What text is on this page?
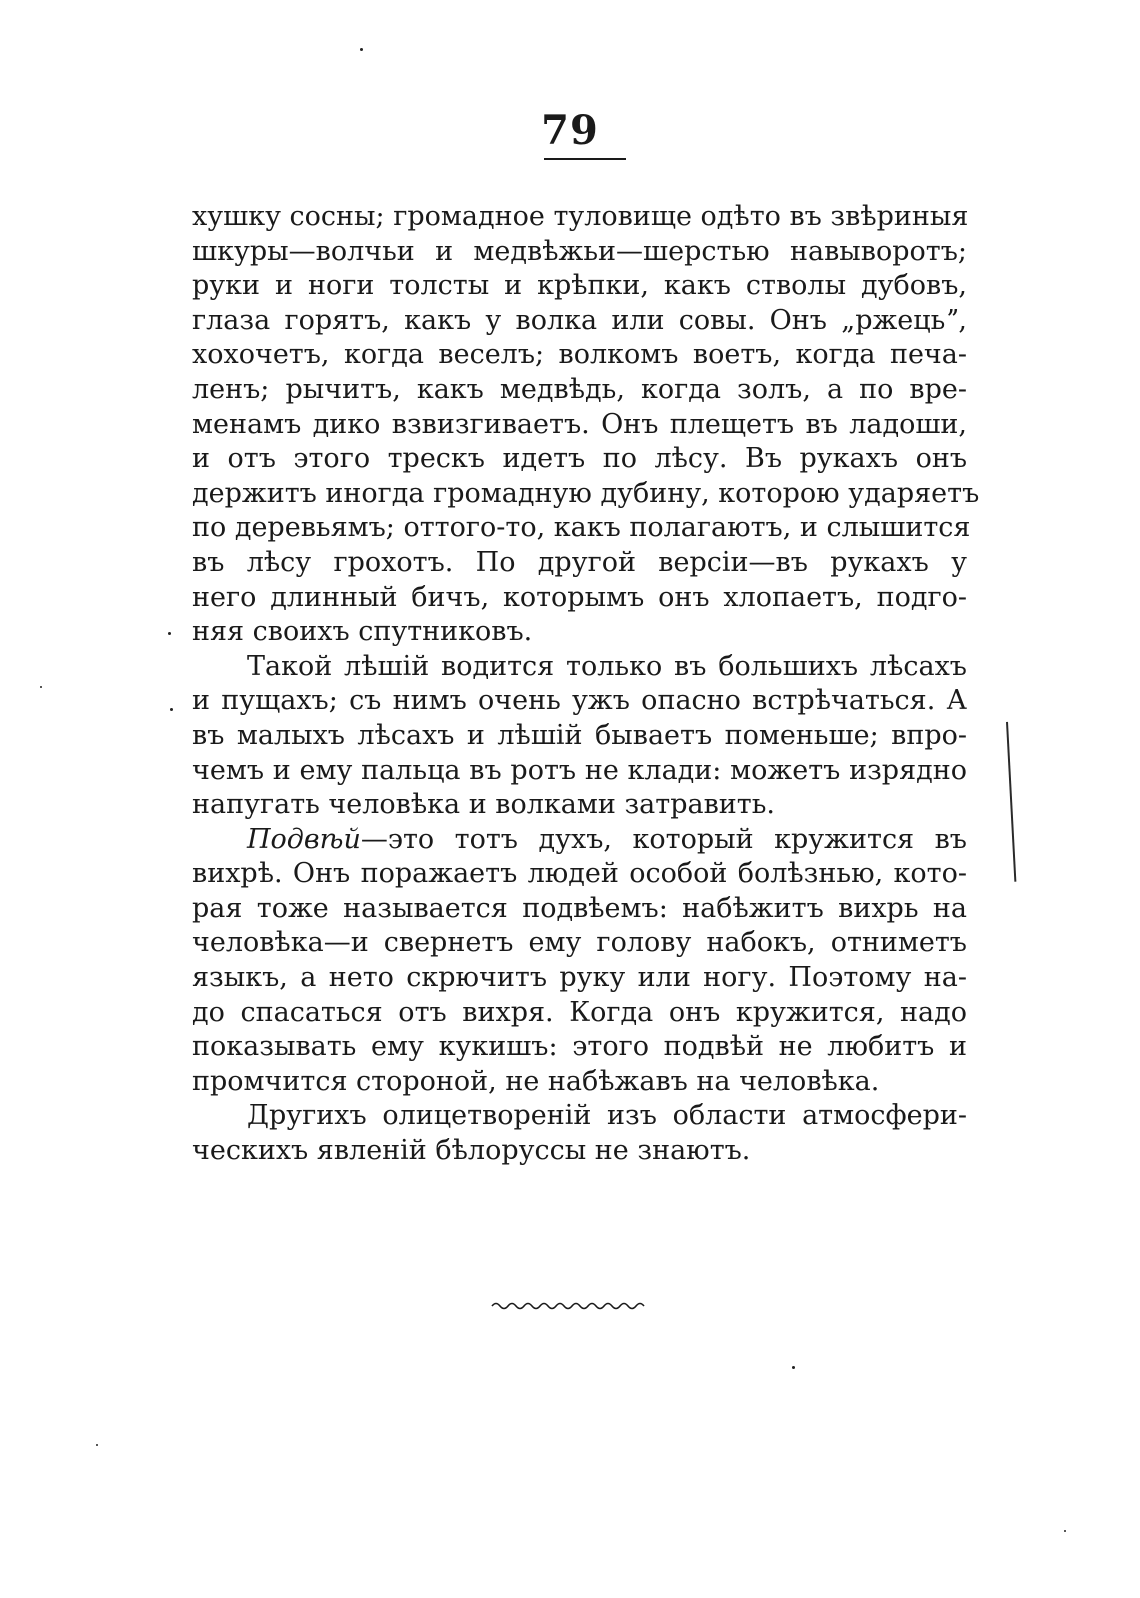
79
хушку сосны; громадное туловище одѣто въ звѣриныя
шкуры—волчьи и медвѣжьи—шерстью навыворотъ;
руки и ноги толсты и крѣпки, какъ стволы дубовъ,
глаза горятъ, какъ у волка или совы. Онъ „ржецьˮ,
хохочетъ, когда веселъ; волкомъ воетъ, когда печа-
ленъ; рычитъ, какъ медвѣдь, когда золъ, а по вре-
менамъ дико взвизгиваетъ. Онъ плещетъ въ ладоши,
и отъ этого трескъ идетъ по лѣсу. Въ рукахъ онъ
держитъ иногда громадную дубину, которою ударяетъ
по деревьямъ; оттого-то, какъ полагаютъ, и слышится
въ лѣсу грохотъ. По другой версіи—въ рукахъ у
него длинный бичъ, которымъ онъ хлопаетъ, подго-
няя своихъ спутниковъ.
Такой лѣшій водится только въ большихъ лѣсахъ
и пущахъ; съ нимъ очень ужъ опасно встрѣчаться. А
въ малыхъ лѣсахъ и лѣшій бываетъ поменьше; впро-
чемъ и ему пальца въ ротъ не клади: можетъ изрядно
напугать человѣка и волками затравить.
Подвѣй—это тотъ духъ, который кружится въ
вихрѣ. Онъ поражаетъ людей особой болѣзнью, кото-
рая тоже называется подвѣемъ: набѣжитъ вихрь на
человѣка—и свернетъ ему голову набокъ, отниметъ
языкъ, а нето скрючитъ руку или ногу. Поэтому на-
до спасаться отъ вихря. Когда онъ кружится, надо
показывать ему кукишъ: этого подвѣй не любитъ и
промчится стороной, не набѣжавъ на человѣка.
Другихъ олицетвореній изъ области атмосфери-
ческихъ явленій бѣлоруссы не знаютъ.
